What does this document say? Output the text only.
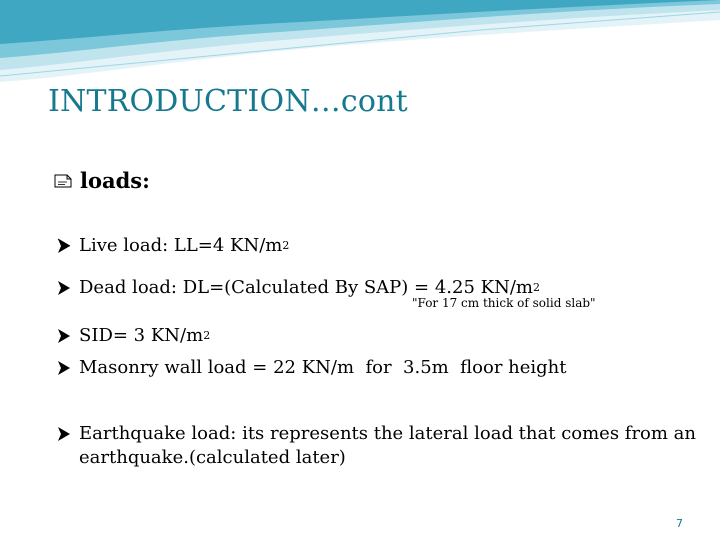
INTRODUCTION…cont
loads:
Live load: LL=4 KN/m 2
Dead load: DL=(Calculated By SAP) = 4.25 KN/m 2
"For 17 cm thick of solid slab"
SID= 3 KN/m 2
Masonry wall load = 22 KN/m  for  3.5m  floor height
Earthquake load: its represents the lateral load that comes from an earthquake.(calculated later)
7
